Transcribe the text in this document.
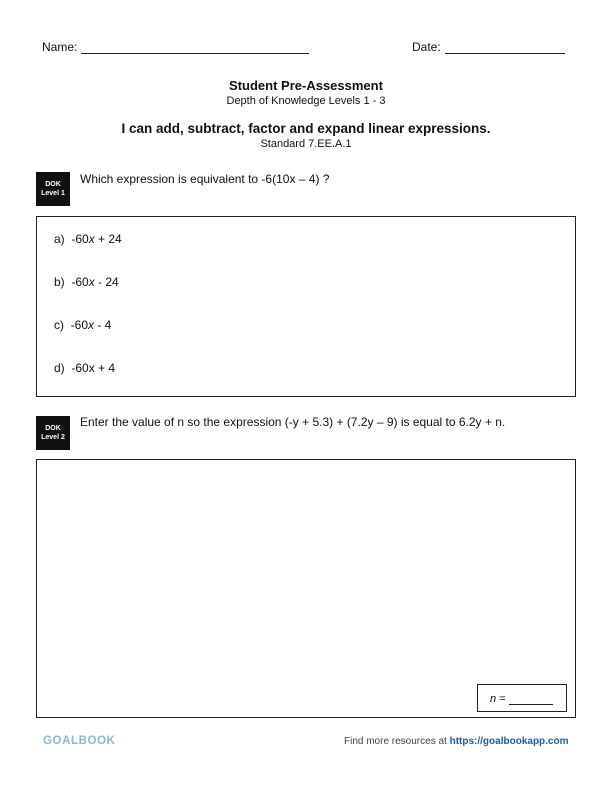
Name:	Date:
Student Pre-Assessment
Depth of Knowledge Levels 1 - 3
I can add, subtract, factor and expand linear expressions.
Standard 7.EE.A.1
DOK
Level 1
Which expression is equivalent to -6(10x – 4) ?
a) -60x + 24
b) -60x - 24
c) -60x - 4
d) -60x + 4
DOK
Level 2
Enter the value of n so the expression (-y + 5.3) + (7.2y – 9) is equal to 6.2y + n.
n =
GOALBOOK	Find more resources at https://goalbookapp.com
